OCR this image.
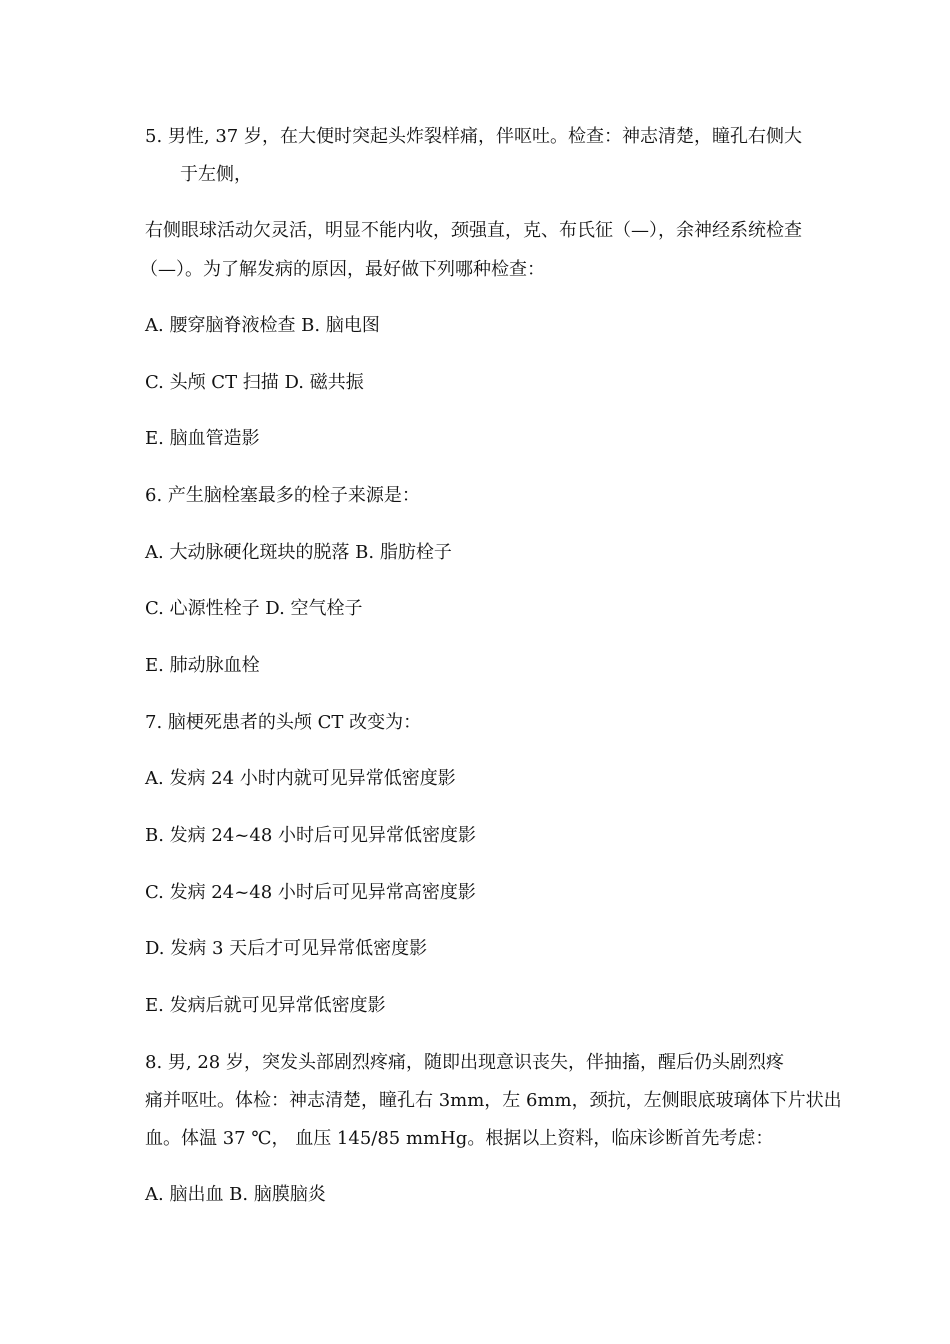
5. 男性, 37 岁，在大便时突起头炸裂样痛，伴呕吐。检查：神志清楚，瞳孔右侧大
于左侧，
右侧眼球活动欠灵活，明显不能内收，颈强直，克、布氏征（—），余神经系统检查
（—）。为了解发病的原因，最好做下列哪种检查：
A. 腰穿脑脊液检查 B. 脑电图
C. 头颅 CT 扫描 D. 磁共振
E. 脑血管造影
6. 产生脑栓塞最多的栓子来源是：
A. 大动脉硬化斑块的脱落 B. 脂肪栓子
C. 心源性栓子 D. 空气栓子
E. 肺动脉血栓
7. 脑梗死患者的头颅 CT 改变为：
A. 发病 24 小时内就可见异常低密度影
B. 发病 24~48 小时后可见异常低密度影
C. 发病 24~48 小时后可见异常高密度影
D. 发病 3 天后才可见异常低密度影
E. 发病后就可见异常低密度影
8. 男, 28 岁，突发头部剧烈疼痛，随即出现意识丧失，伴抽搐，醒后仍头剧烈疼
痛并呕吐。体检：神志清楚，瞳孔右 3mm，左 6mm，颈抗，左侧眼底玻璃体下片状出
血。体温 37 ℃， 血压 145/85 mmHg。根据以上资料，临床诊断首先考虑：
A. 脑出血 B. 脑膜脑炎
